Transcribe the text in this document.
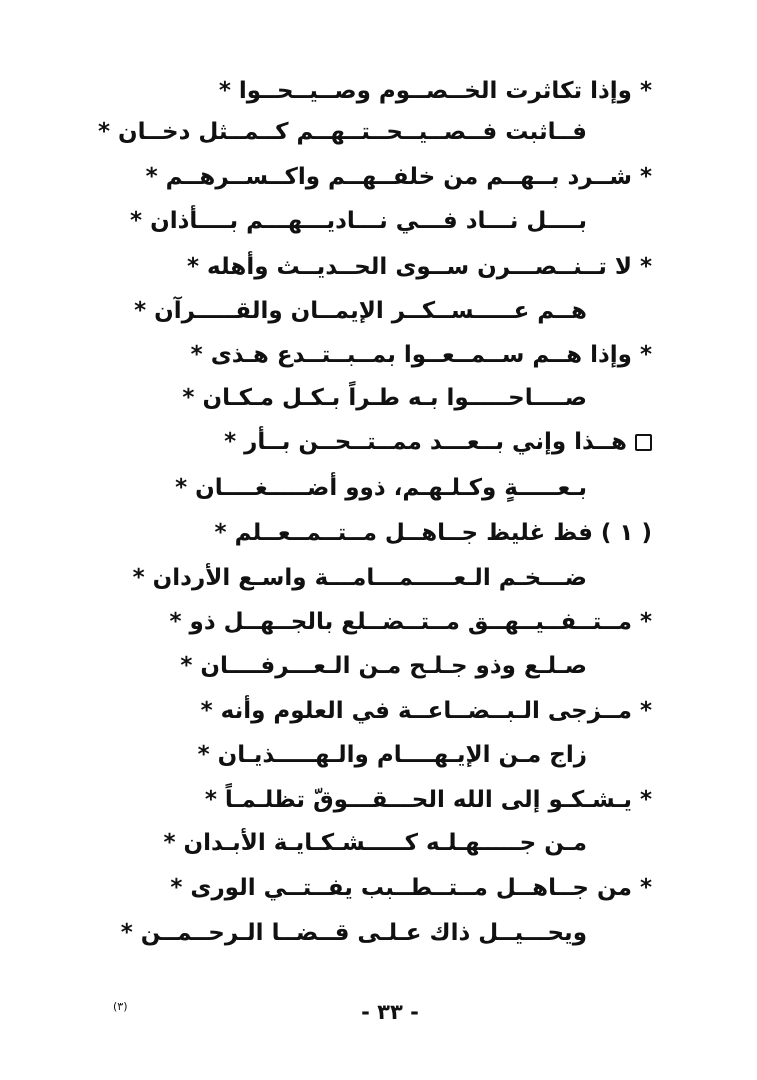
* وإذا تكاثرت الخــصــوم وصــيــحــوا *
فــاثبت فــصــيــحــتــهــم كــمــثل دخــان *
* شــرد بــهــم من خلفــهــم واكــســرهــم *
بــــل نـــاد فـــي نـــاديـــهـــم بــــأذان *
* لا تــنــصـــرن ســوى الحــديــث وأهله *
هــم عـــــســكــر الإيمــان والقـــــرآن *
* وإذا هــم ســمــعــوا بمــبــتــدع هـذى *
صــــاحـــــوا بـه طـراً بـكـل مـكـان *
هــذا وإني بــعـــد ممــتــحــن بــأر *
بـعـــــةٍ وكـلـهـم، ذوو أضـــــغــــان *
( ١ ) فظ غليظ جــاهــل مــتــمــعــلم *
ضـــخـم الـعـــــمـــامـــة واسـع الأردان *
* مــتــفــيــهــق مــتــضــلع بالجــهــل ذو *
صـلـع وذو جـلـح مـن الـعـــرفــــان *
* مــزجى الـبــضــاعــة في العلوم وأنه *
زاج مـن الإيـهــــام والـهـــــذيـان *
* يـشـكـو إلى الله الحـــقـــوقّ تظلـمـاً *
مـن جـــــهـلـه كـــــشـكـايـة الأبـدان *
* من جــاهــل مــتــطــبب يفــتــي الورى *
ويحـــيــل ذاك عـلـى قــضــا الـرحــمــن *
- ٣٣ -
(٣)
